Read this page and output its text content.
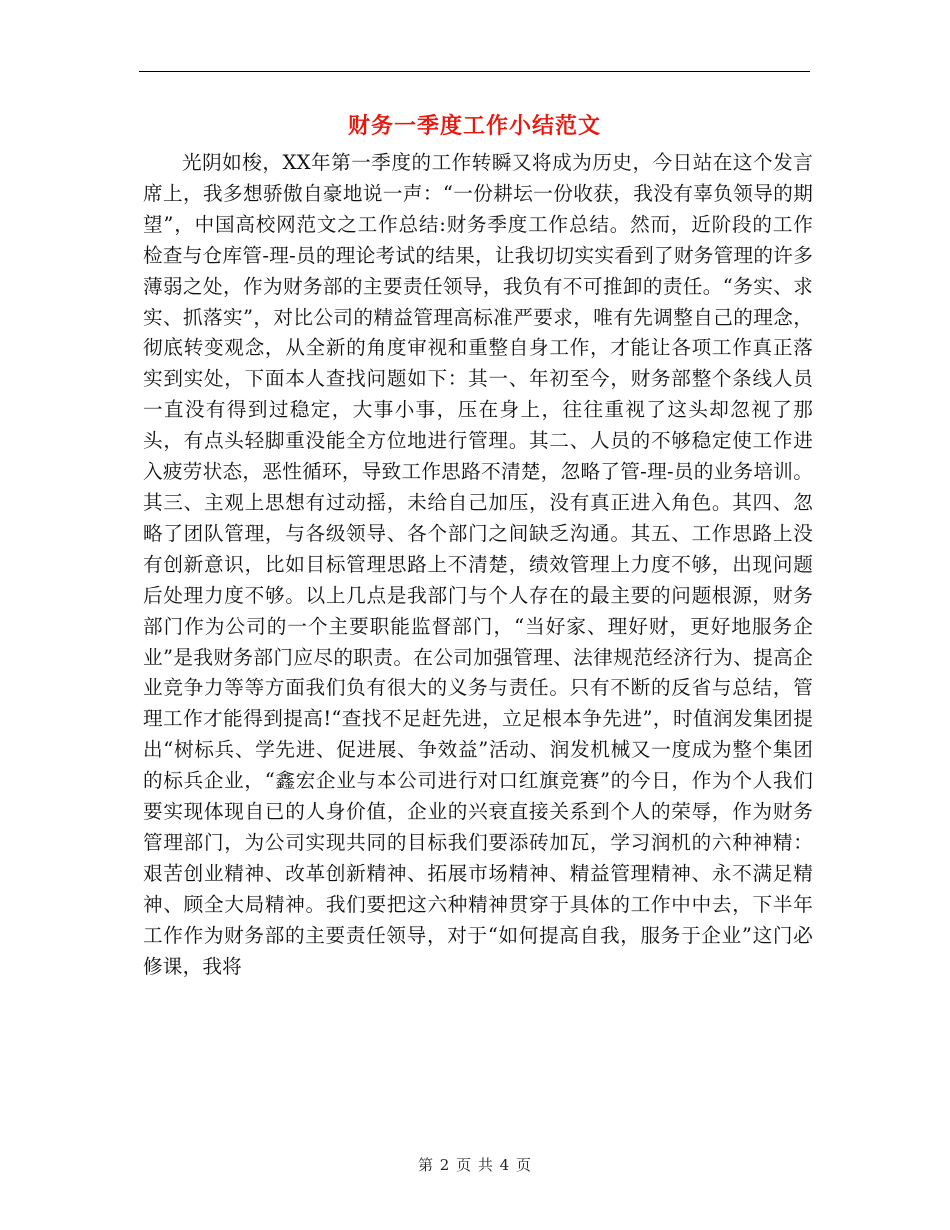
财务一季度工作小结范文

光阴如梭，XX年第一季度的工作转瞬又将成为历史，今日站在这个发言席上，我多想骄傲自豪地说一声：“一份耕坛一份收获，我没有辜负领导的期望”，中国高校网范文之工作总结:财务季度工作总结。然而，近阶段的工作检查与仓库管-理-员的理论考试的结果，让我切切实实看到了财务管理的许多薄弱之处，作为财务部的主要责任领导，我负有不可推卸的责任。“务实、求实、抓落实”，对比公司的精益管理高标准严要求，唯有先调整自己的理念，彻底转变观念，从全新的角度审视和重整自身工作，才能让各项工作真正落实到实处，下面本人查找问题如下：其一、年初至今，财务部整个条线人员一直没有得到过稳定，大事小事，压在身上，往往重视了这头却忽视了那头，有点头轻脚重没能全方位地进行管理。其二、人员的不够稳定使工作进入疲劳状态，恶性循环，导致工作思路不清楚，忽略了管-理-员的业务培训。其三、主观上思想有过动摇，未给自己加压，没有真正进入角色。其四、忽略了团队管理，与各级领导、各个部门之间缺乏沟通。其五、工作思路上没有创新意识，比如目标管理思路上不清楚，绩效管理上力度不够，出现问题后处理力度不够。以上几点是我部门与个人存在的最主要的问题根源，财务部门作为公司的一个主要职能监督部门，“当好家、理好财，更好地服务企业”是我财务部门应尽的职责。在公司加强管理、法律规范经济行为、提高企业竞争力等等方面我们负有很大的义务与责任。只有不断的反省与总结，管理工作才能得到提高!“查找不足赶先进，立足根本争先进”，时值润发集团提出“树标兵、学先进、促进展、争效益”活动、润发机械又一度成为整个集团的标兵企业，“鑫宏企业与本公司进行对口红旗竞赛”的今日，作为个人我们要实现体现自已的人身价值，企业的兴衰直接关系到个人的荣辱，作为财务管理部门，为公司实现共同的目标我们要添砖加瓦，学习润机的六种神精：艰苦创业精神、改革创新精神、拓展市场精神、精益管理精神、永不满足精神、顾全大局精神。我们要把这六种精神贯穿于具体的工作中中去，下半年工作作为财务部的主要责任领导，对于“如何提高自我，服务于企业”这门必修课，我将

第 2 页 共 4 页
